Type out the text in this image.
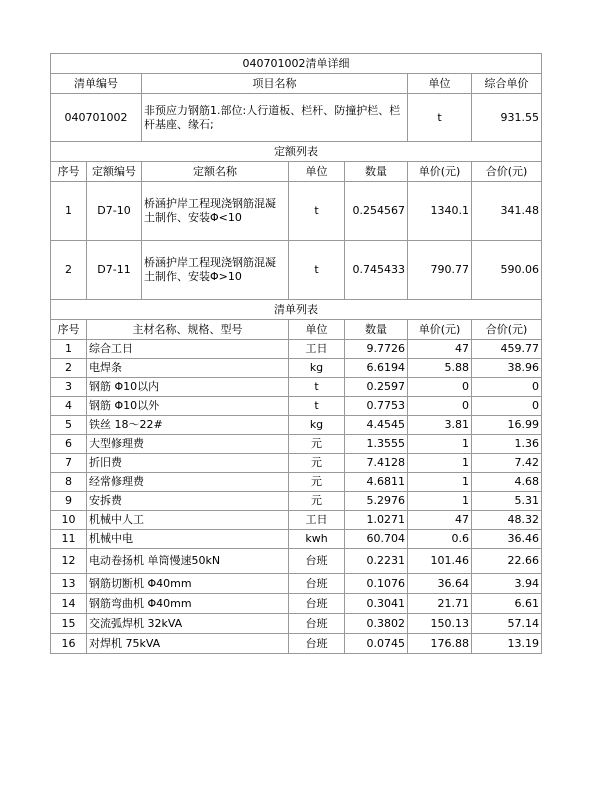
040701002清单详细						
清单编号		项目名称			单位	综合单价
040701002		非预应力钢筋1.部位:人行道板、栏杆、防撞护栏、栏杆基座、缘石;			t	931.55
定额列表						
序号	定额编号	定额名称	单位	数量	单价(元)	合价(元)
1	D7-10	桥涵护岸工程现浇钢筋混凝土制作、安装Φ<10	t	0.254567	1340.1	341.48
2	D7-11	桥涵护岸工程现浇钢筋混凝土制作、安装Φ>10	t	0.745433	790.77	590.06
清单列表						
序号	主材名称、规格、型号		单位	数量	单价(元)	合价(元)
1	综合工日		工日	9.7726	47	459.77
2	电焊条		kg	6.6194	5.88	38.96
3	钢筋 Φ10以内		t	0.2597	0	0
4	钢筋 Φ10以外		t	0.7753	0	0
5	铁丝 18～22#		kg	4.4545	3.81	16.99
6	大型修理费		元	1.3555	1	1.36
7	折旧费		元	7.4128	1	7.42
8	经常修理费		元	4.6811	1	4.68
9	安拆费		元	5.2976	1	5.31
10	机械中人工		工日	1.0271	47	48.32
11	机械中电		kwh	60.704	0.6	36.46
12	电动卷扬机 单筒慢速50kN		台班	0.2231	101.46	22.66
13	钢筋切断机 Φ40mm		台班	0.1076	36.64	3.94
14	钢筋弯曲机 Φ40mm		台班	0.3041	21.71	6.61
15	交流弧焊机 32kVA		台班	0.3802	150.13	57.14
16	对焊机 75kVA		台班	0.0745	176.88	13.19
